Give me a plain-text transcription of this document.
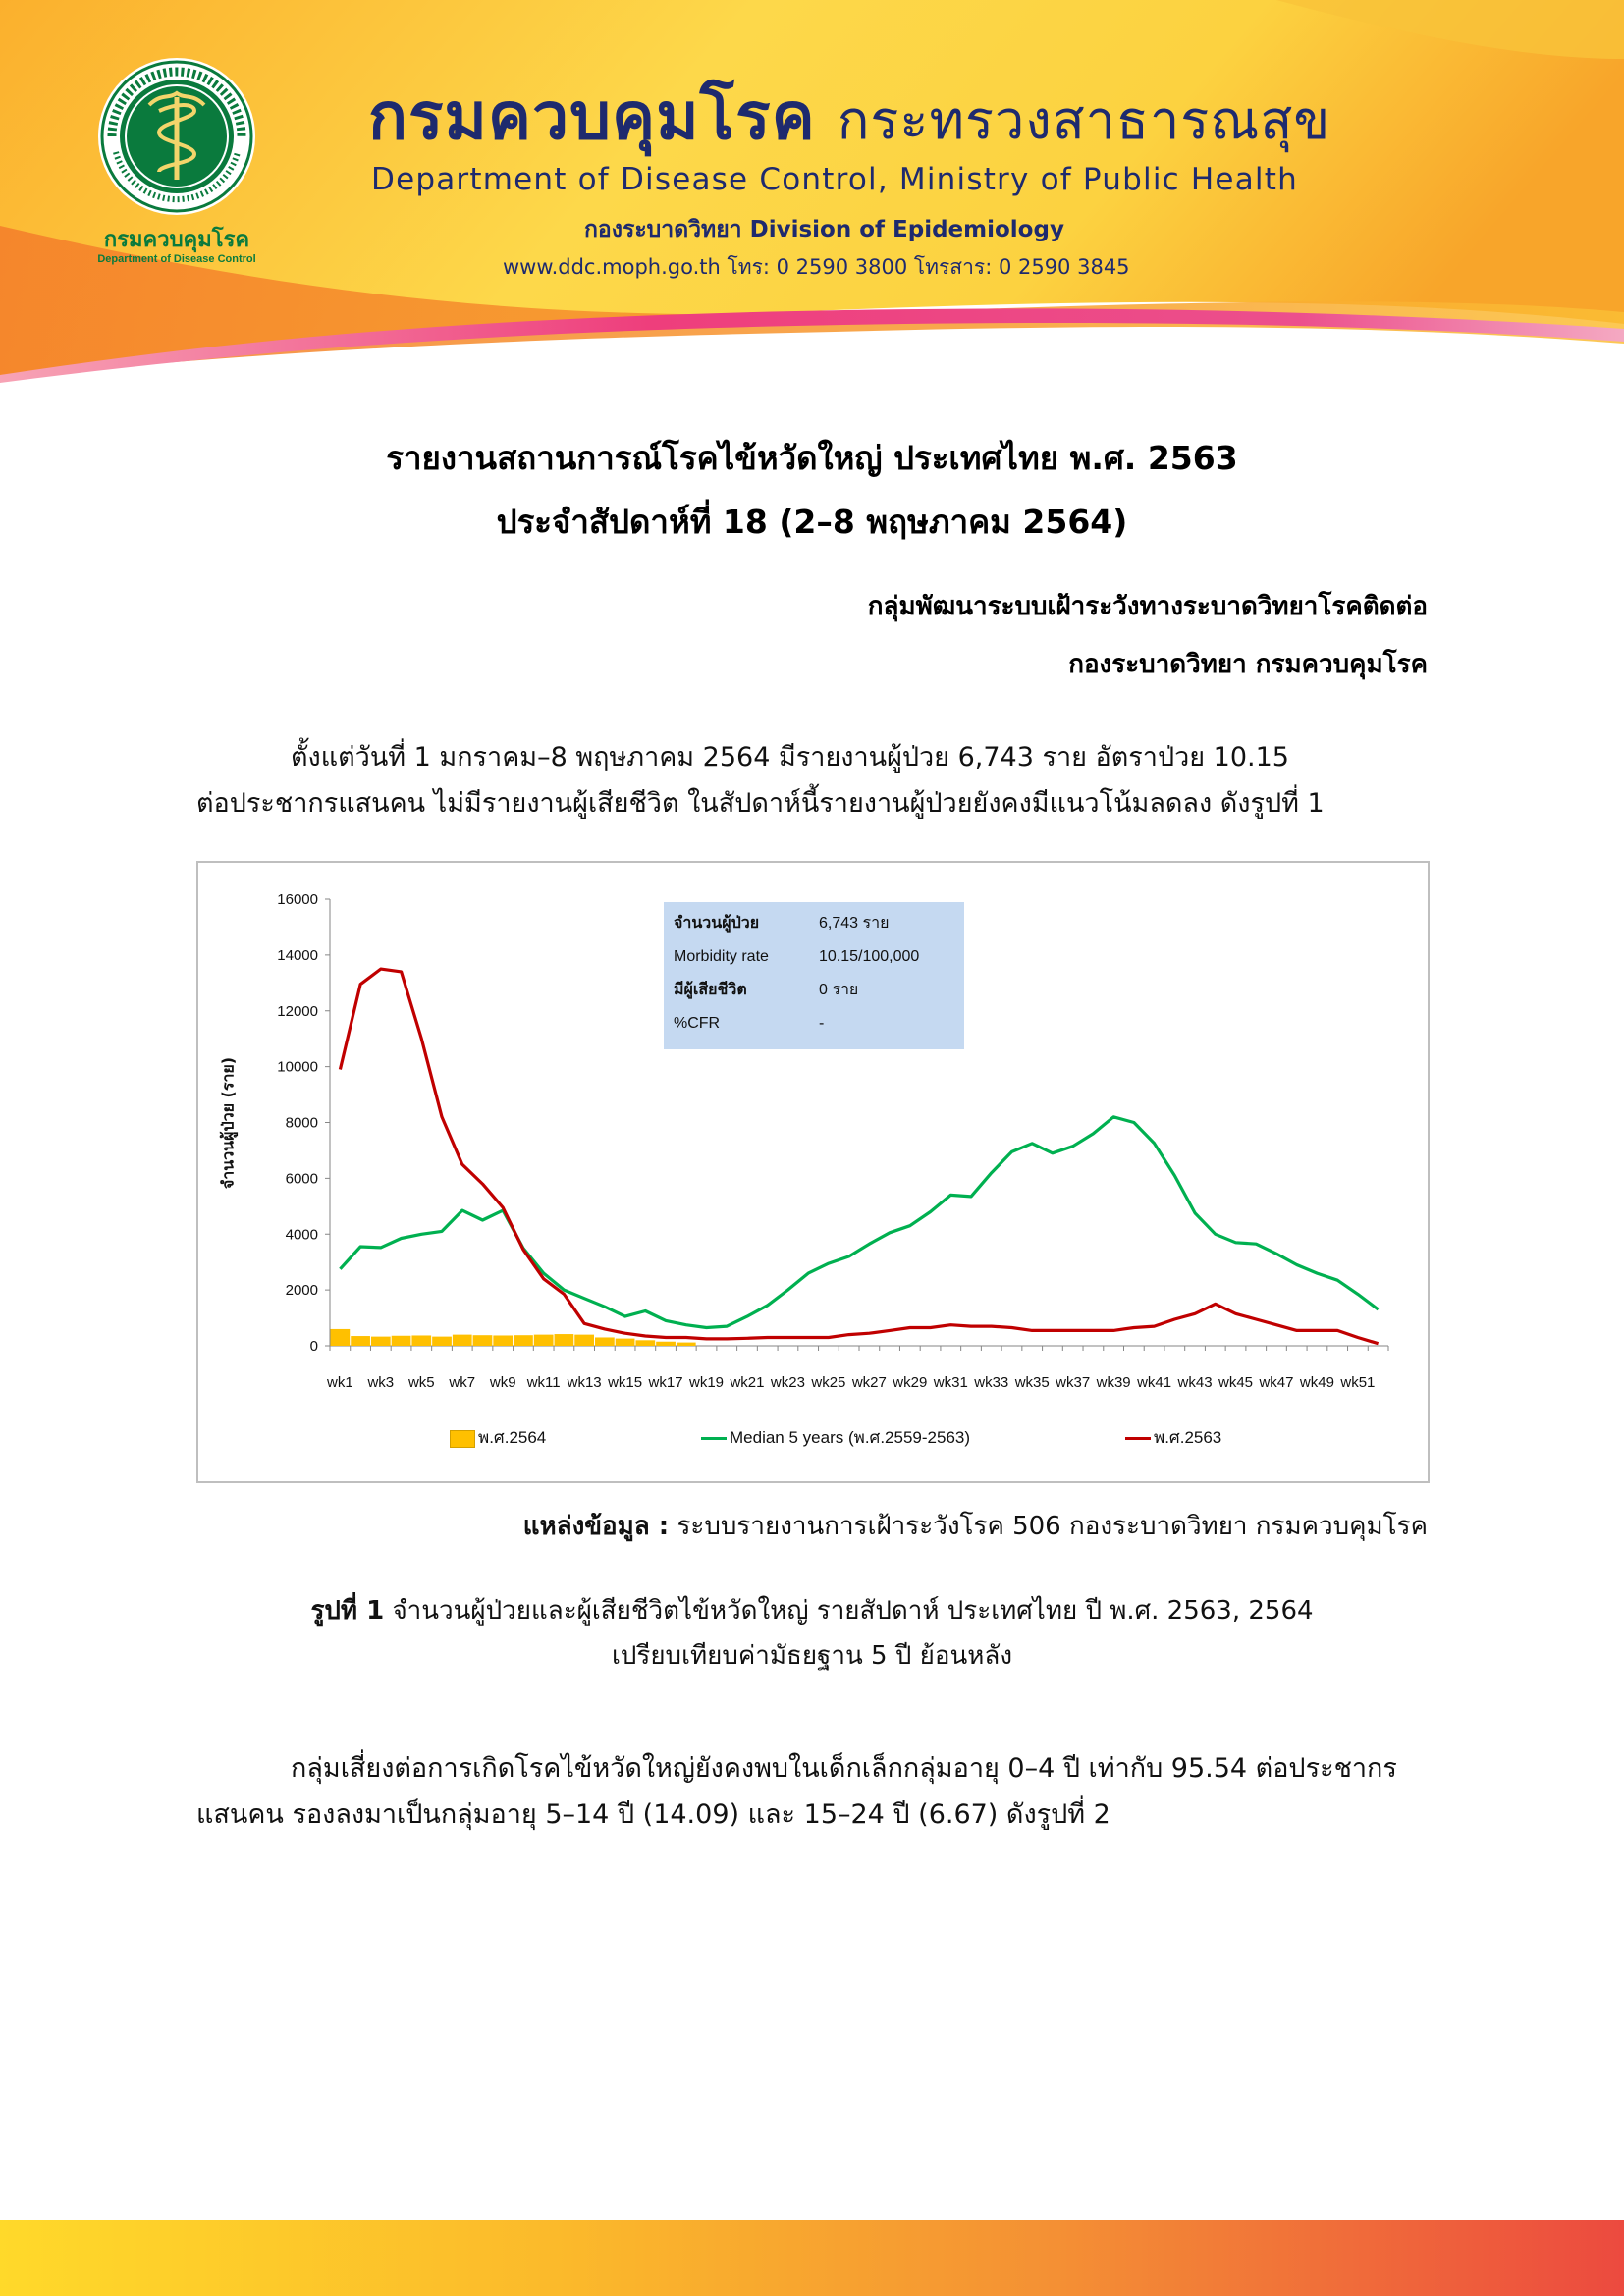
กรมควบคุมโรค
Department of Disease Control
กรมควบคุมโรค กระทรวงสาธารณสุข
Department of Disease Control, Ministry of Public Health
กองระบาดวิทยา Division of Epidemiology
www.ddc.moph.go.th โทร: 0 2590 3800 โทรสาร: 0 2590 3845
รายงานสถานการณ์โรคไข้หวัดใหญ่ ประเทศไทย พ.ศ. 2563
ประจำสัปดาห์ที่ 18 (2–8 พฤษภาคม 2564)
กลุ่มพัฒนาระบบเฝ้าระวังทางระบาดวิทยาโรคติดต่อ
กองระบาดวิทยา กรมควบคุมโรค

ตั้งแต่วันที่ 1 มกราคม–8 พฤษภาคม 2564 มีรายงานผู้ป่วย 6,743 ราย อัตราป่วย 10.15
ต่อประชากรแสนคน ไม่มีรายงานผู้เสียชีวิต ในสัปดาห์นี้รายงานผู้ป่วยยังคงมีแนวโน้มลดลง ดังรูปที่ 1

0
2000
4000
6000
8000
10000
12000
14000
16000
wk1 wk3 wk5 wk7 wk9 wk11 wk13 wk15 wk17 wk19 wk21 wk23 wk25 wk27 wk29 wk31 wk33 wk35 wk37 wk39 wk41 wk43 wk45 wk47 wk49 wk51
จำนวนผู้ป่วย (ราย)
จำนวนผู้ป่วย	6,743 ราย
Morbidity rate	10.15/100,000
มีผู้เสียชีวิต	0 ราย
%CFR	-
พ.ศ.2564	Median 5 years (พ.ศ.2559-2563)	พ.ศ.2563
แหล่งข้อมูล : ระบบรายงานการเฝ้าระวังโรค 506 กองระบาดวิทยา กรมควบคุมโรค
รูปที่ 1 จำนวนผู้ป่วยและผู้เสียชีวิตไข้หวัดใหญ่ รายสัปดาห์ ประเทศไทย ปี พ.ศ. 2563, 2564
เปรียบเทียบค่ามัธยฐาน 5 ปี ย้อนหลัง

กลุ่มเสี่ยงต่อการเกิดโรคไข้หวัดใหญ่ยังคงพบในเด็กเล็กกลุ่มอายุ 0–4 ปี เท่ากับ 95.54 ต่อประชากร
แสนคน รองลงมาเป็นกลุ่มอายุ 5–14 ปี (14.09) และ 15–24 ปี (6.67) ดังรูปที่ 2
